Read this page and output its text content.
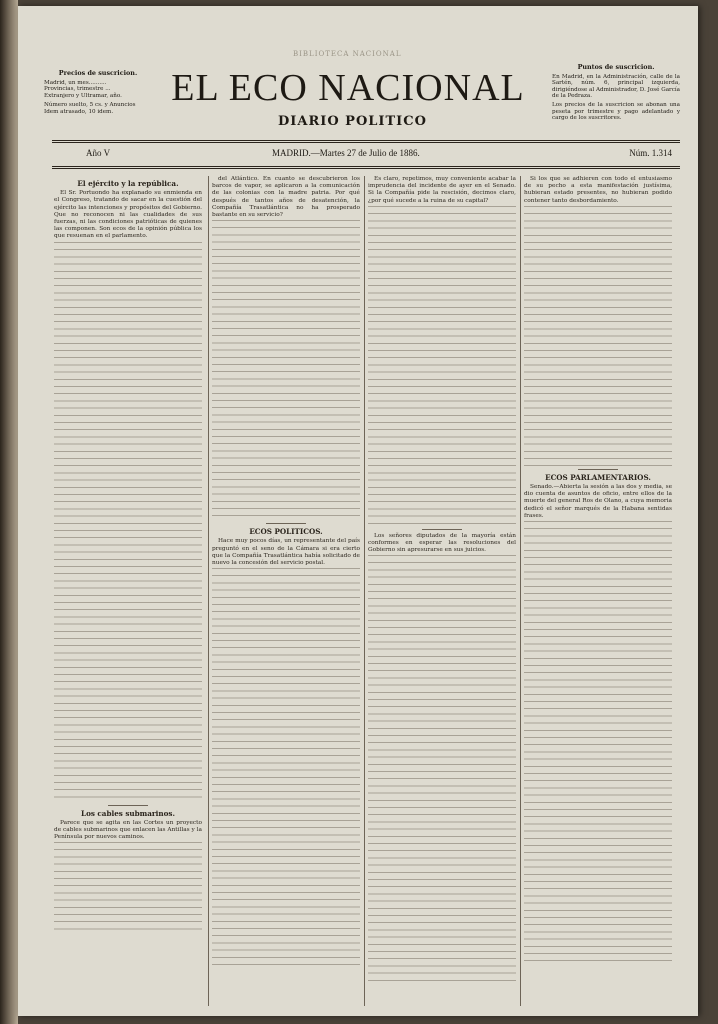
BIBLIOTECA NACIONAL
Precios de suscricion.
Madrid, un mes..........
Provincias, trimestre ...
Extranjero y Ultramar, año.
Número suelto, 5 cs. y Anuncios
Idem atrasado, 10 idem.
EL ECO NACIONAL
DIARIO POLITICO
Puntos de suscricion.
En Madrid, en la Administración, calle de la Sartén, núm. 6, principal izquierda, dirigiéndose al Administrador, D. José García de la Pedraza.
Los precios de la suscricion se abonan una peseta por trimestre y pago adelantado y cargo de los suscritores.
Año V	MADRID.—Martes 27 de Julio de 1886.	Núm. 1.314
El ejército y la república.

El Sr. Portuondo ha explanado su enmienda en el Congreso, tratando de sacar en la cuestión del ejército las intenciones y propósitos del Gobierno. Que no reconocen ni las cualidades de sus fuerzas, ni las condiciones patrióticas de quienes las componen. Son ecos de la opinión pública los que resuenan en el parlamento.

Los cables submarinos.

Parece que se agita en las Cortes un proyecto de cables submarinos que enlacen las Antillas y la Península por nuevos caminos.

del Atlántico. En cuanto se descubrieron los barcos de vapor, se aplicaron a la comunicación de las colonias con la madre patria. Por qué después de tantos años de desatención, la Compañía Trasatlántica no ha prosperado bastante en su servicio?

ECOS POLITICOS.

Hace muy pocos días, un representante del país preguntó en el seno de la Cámara si era cierto que la Compañía Trasatlántica había solicitado de nuevo la concesión del servicio postal.

Es claro, repetimos, muy conveniente acabar la imprudencia del incidente de ayer en el Senado. Si la Compañía pide la rescisión, decimos claro, ¿por qué sucede a la ruina de su capital?

Los señores diputados de la mayoría están conformes en esperar las resoluciones del Gobierno sin apresurarse en sus juicios.

Si los que se adhieren con todo el entusiasmo de su pecho a esta manifestación justísima, hubieran estado presentes, no hubieran podido contener tanto desbordamiento.

ECOS PARLAMENTARIOS.

Senado.—Abierta la sesión a las dos y media, se dio cuenta de asuntos de oficio, entre ellos de la muerte del general Ros de Olano, a cuya memoria dedicó el señor marqués de la Habana sentidas frases.
